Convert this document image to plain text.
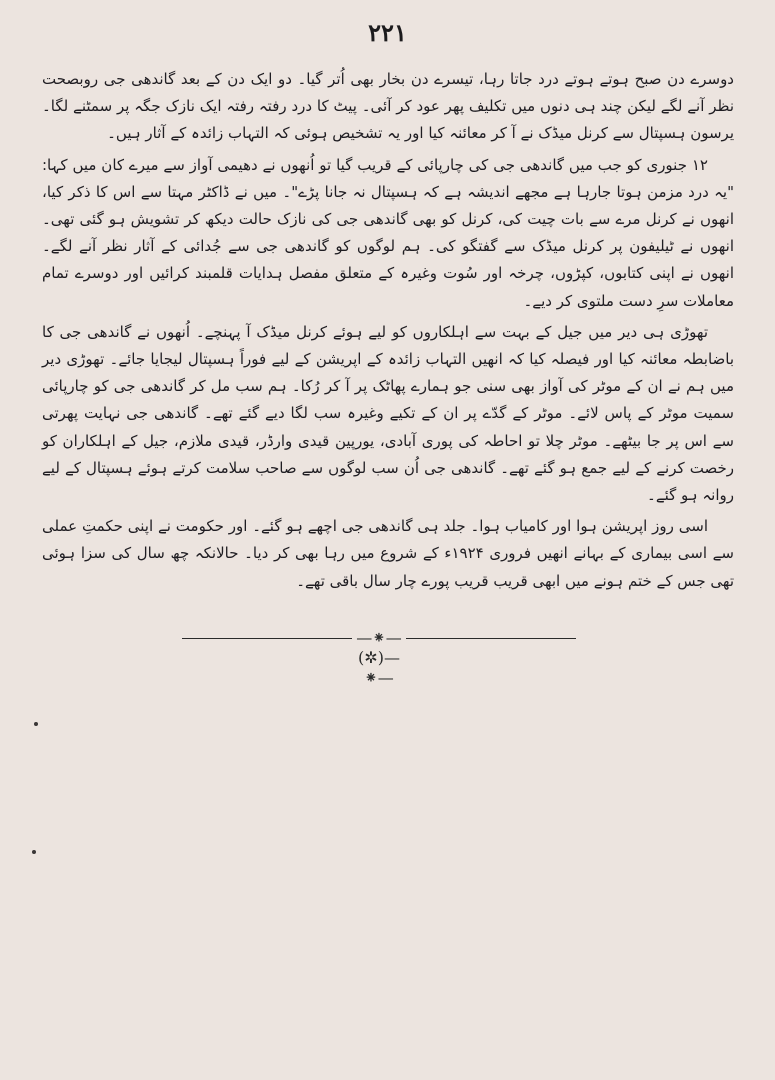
۲۲۱

دوسرے دن صبح ہوتے ہوتے درد جاتا رہا، تیسرے دن بخار بھی اُتر گیا۔ دو ایک دن کے بعد گاندھی جی روبصحت نظر آنے لگے لیکن چند ہی دنوں میں تکلیف پھر عود کر آئی۔ پیٹ کا درد رفتہ رفتہ ایک نازک جگہ پر سمٹنے لگا۔ یرسون ہسپتال سے کرنل میڈک نے آ کر معائنہ کیا اور یہ تشخیص ہوئی کہ التہاب زائدہ کے آثار ہیں۔

۱۲ جنوری کو جب میں گاندھی جی کی چارپائی کے قریب گیا تو اُنھوں نے دھیمی آواز سے میرے کان میں کہا: "یہ درد مزمن ہوتا جارہا ہے مجھے اندیشہ ہے کہ ہسپتال نہ جانا پڑے"۔ میں نے ڈاکٹر مہتا سے اس کا ذکر کیا، انھوں نے کرنل مرے سے بات چیت کی، کرنل کو بھی گاندھی جی کی نازک حالت دیکھ کر تشویش ہو گئی تھی۔ انھوں نے ٹیلیفون پر کرنل میڈک سے گفتگو کی۔ ہم لوگوں کو گاندھی جی سے جُدائی کے آثار نظر آنے لگے۔ انھوں نے اپنی کتابوں، کپڑوں، چرخہ اور سُوت وغیرہ کے متعلق مفصل ہدایات قلمبند کرائیں اور دوسرے تمام معاملات سرِ دست ملتوی کر دیے۔

تھوڑی ہی دیر میں جیل کے بہت سے اہلکاروں کو لیے ہوئے کرنل میڈک آ پہنچے۔ اُنھوں نے گاندھی جی کا باضابطہ معائنہ کیا اور فیصلہ کیا کہ انھیں التہاب زائدہ کے اپریشن کے لیے فوراً ہسپتال لیجایا جائے۔ تھوڑی دیر میں ہم نے ان کے موٹر کی آواز بھی سنی جو ہمارے پھاٹک پر آ کر رُکا۔ ہم سب مل کر گاندھی جی کو چارپائی سمیت موٹر کے پاس لائے۔ موٹر کے گدّے پر ان کے تکیے وغیرہ سب لگا دیے گئے تھے۔ گاندھی جی نہایت پھرتی سے اس پر جا بیٹھے۔ موٹر چلا تو احاطہ کی پوری آبادی، یورپین قیدی وارڈر، قیدی ملازم، جیل کے اہلکاران کو رخصت کرنے کے لیے جمع ہو گئے تھے۔ گاندھی جی اُن سب لوگوں سے صاحب سلامت کرتے ہوئے ہسپتال کے لیے روانہ ہو گئے۔

اسی روز اپریشن ہوا اور کامیاب ہوا۔ جلد ہی گاندھی جی اچھے ہو گئے۔ اور حکومت نے اپنی حکمتِ عملی سے اسی بیماری کے بہانے انھیں فروری ۱۹۲۴ء کے شروع میں رہا بھی کر دیا۔ حالانکہ چھ سال کی سزا ہوئی تھی جس کے ختم ہونے میں ابھی قریب قریب پورے چار سال باقی تھے۔

—⁕—(✲)—⁕—
